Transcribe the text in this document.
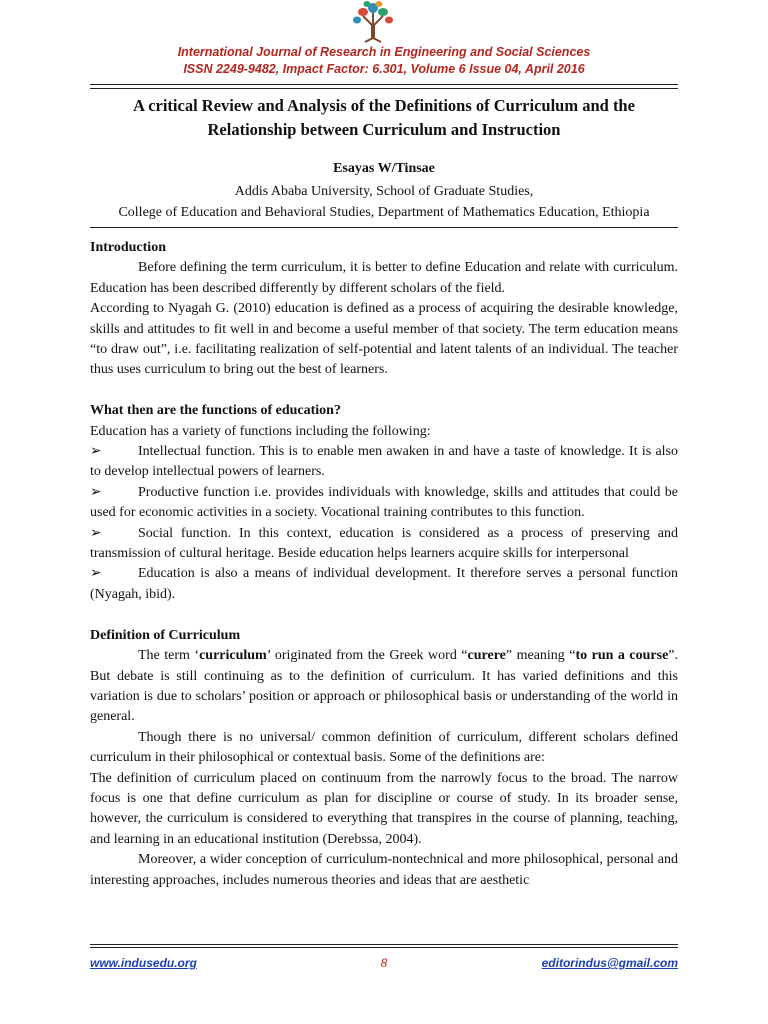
International Journal of Research in Engineering and Social Sciences
ISSN 2249-9482, Impact Factor: 6.301, Volume 6 Issue 04, April 2016
A critical Review and Analysis of the Definitions of Curriculum and the
Relationship between Curriculum and Instruction
Esayas W/Tinsae
Addis Ababa University, School of Graduate Studies,
College of Education and Behavioral Studies, Department of Mathematics Education, Ethiopia
Introduction

Before defining the term curriculum, it is better to define Education and relate with curriculum. Education has been described differently by different scholars of the field.

According to Nyagah G. (2010) education is defined as a process of acquiring the desirable knowledge, skills and attitudes to fit well in and become a useful member of that society. The term education means “to draw out”, i.e. facilitating realization of self-potential and latent talents of an individual. The teacher thus uses curriculum to bring out the best of learners.

What then are the functions of education?

Education has a variety of functions including the following:

➢	Intellectual function. This is to enable men awaken in and have a taste of knowledge. It is also to develop intellectual powers of learners.

➢	Productive function i.e. provides individuals with knowledge, skills and attitudes that could be used for economic activities in a society. Vocational training contributes to this function.

➢	Social function. In this context, education is considered as a process of preserving and transmission of cultural heritage. Beside education helps learners acquire skills for interpersonal

➢	Education is also a means of individual development. It therefore serves a personal function (Nyagah, ibid).

Definition of Curriculum

The term ‘curriculum’ originated from the Greek word “curere” meaning “to run a course”. But debate is still continuing as to the definition of curriculum. It has varied definitions and this variation is due to scholars’ position or approach or philosophical basis or understanding of the world in general.

Though there is no universal/ common definition of curriculum, different scholars defined curriculum in their philosophical or contextual basis. Some of the definitions are:

The definition of curriculum placed on continuum from the narrowly focus to the broad. The narrow focus is one that define curriculum as plan for discipline or course of study. In its broader sense, however, the curriculum is considered to everything that transpires in the course of planning, teaching, and learning in an educational institution (Derebssa, 2004).

Moreover, a wider conception of curriculum-nontechnical and more philosophical, personal and interesting approaches, includes numerous theories and ideas that are aesthetic

www.indusedu.org	8	editorindus@gmail.com
